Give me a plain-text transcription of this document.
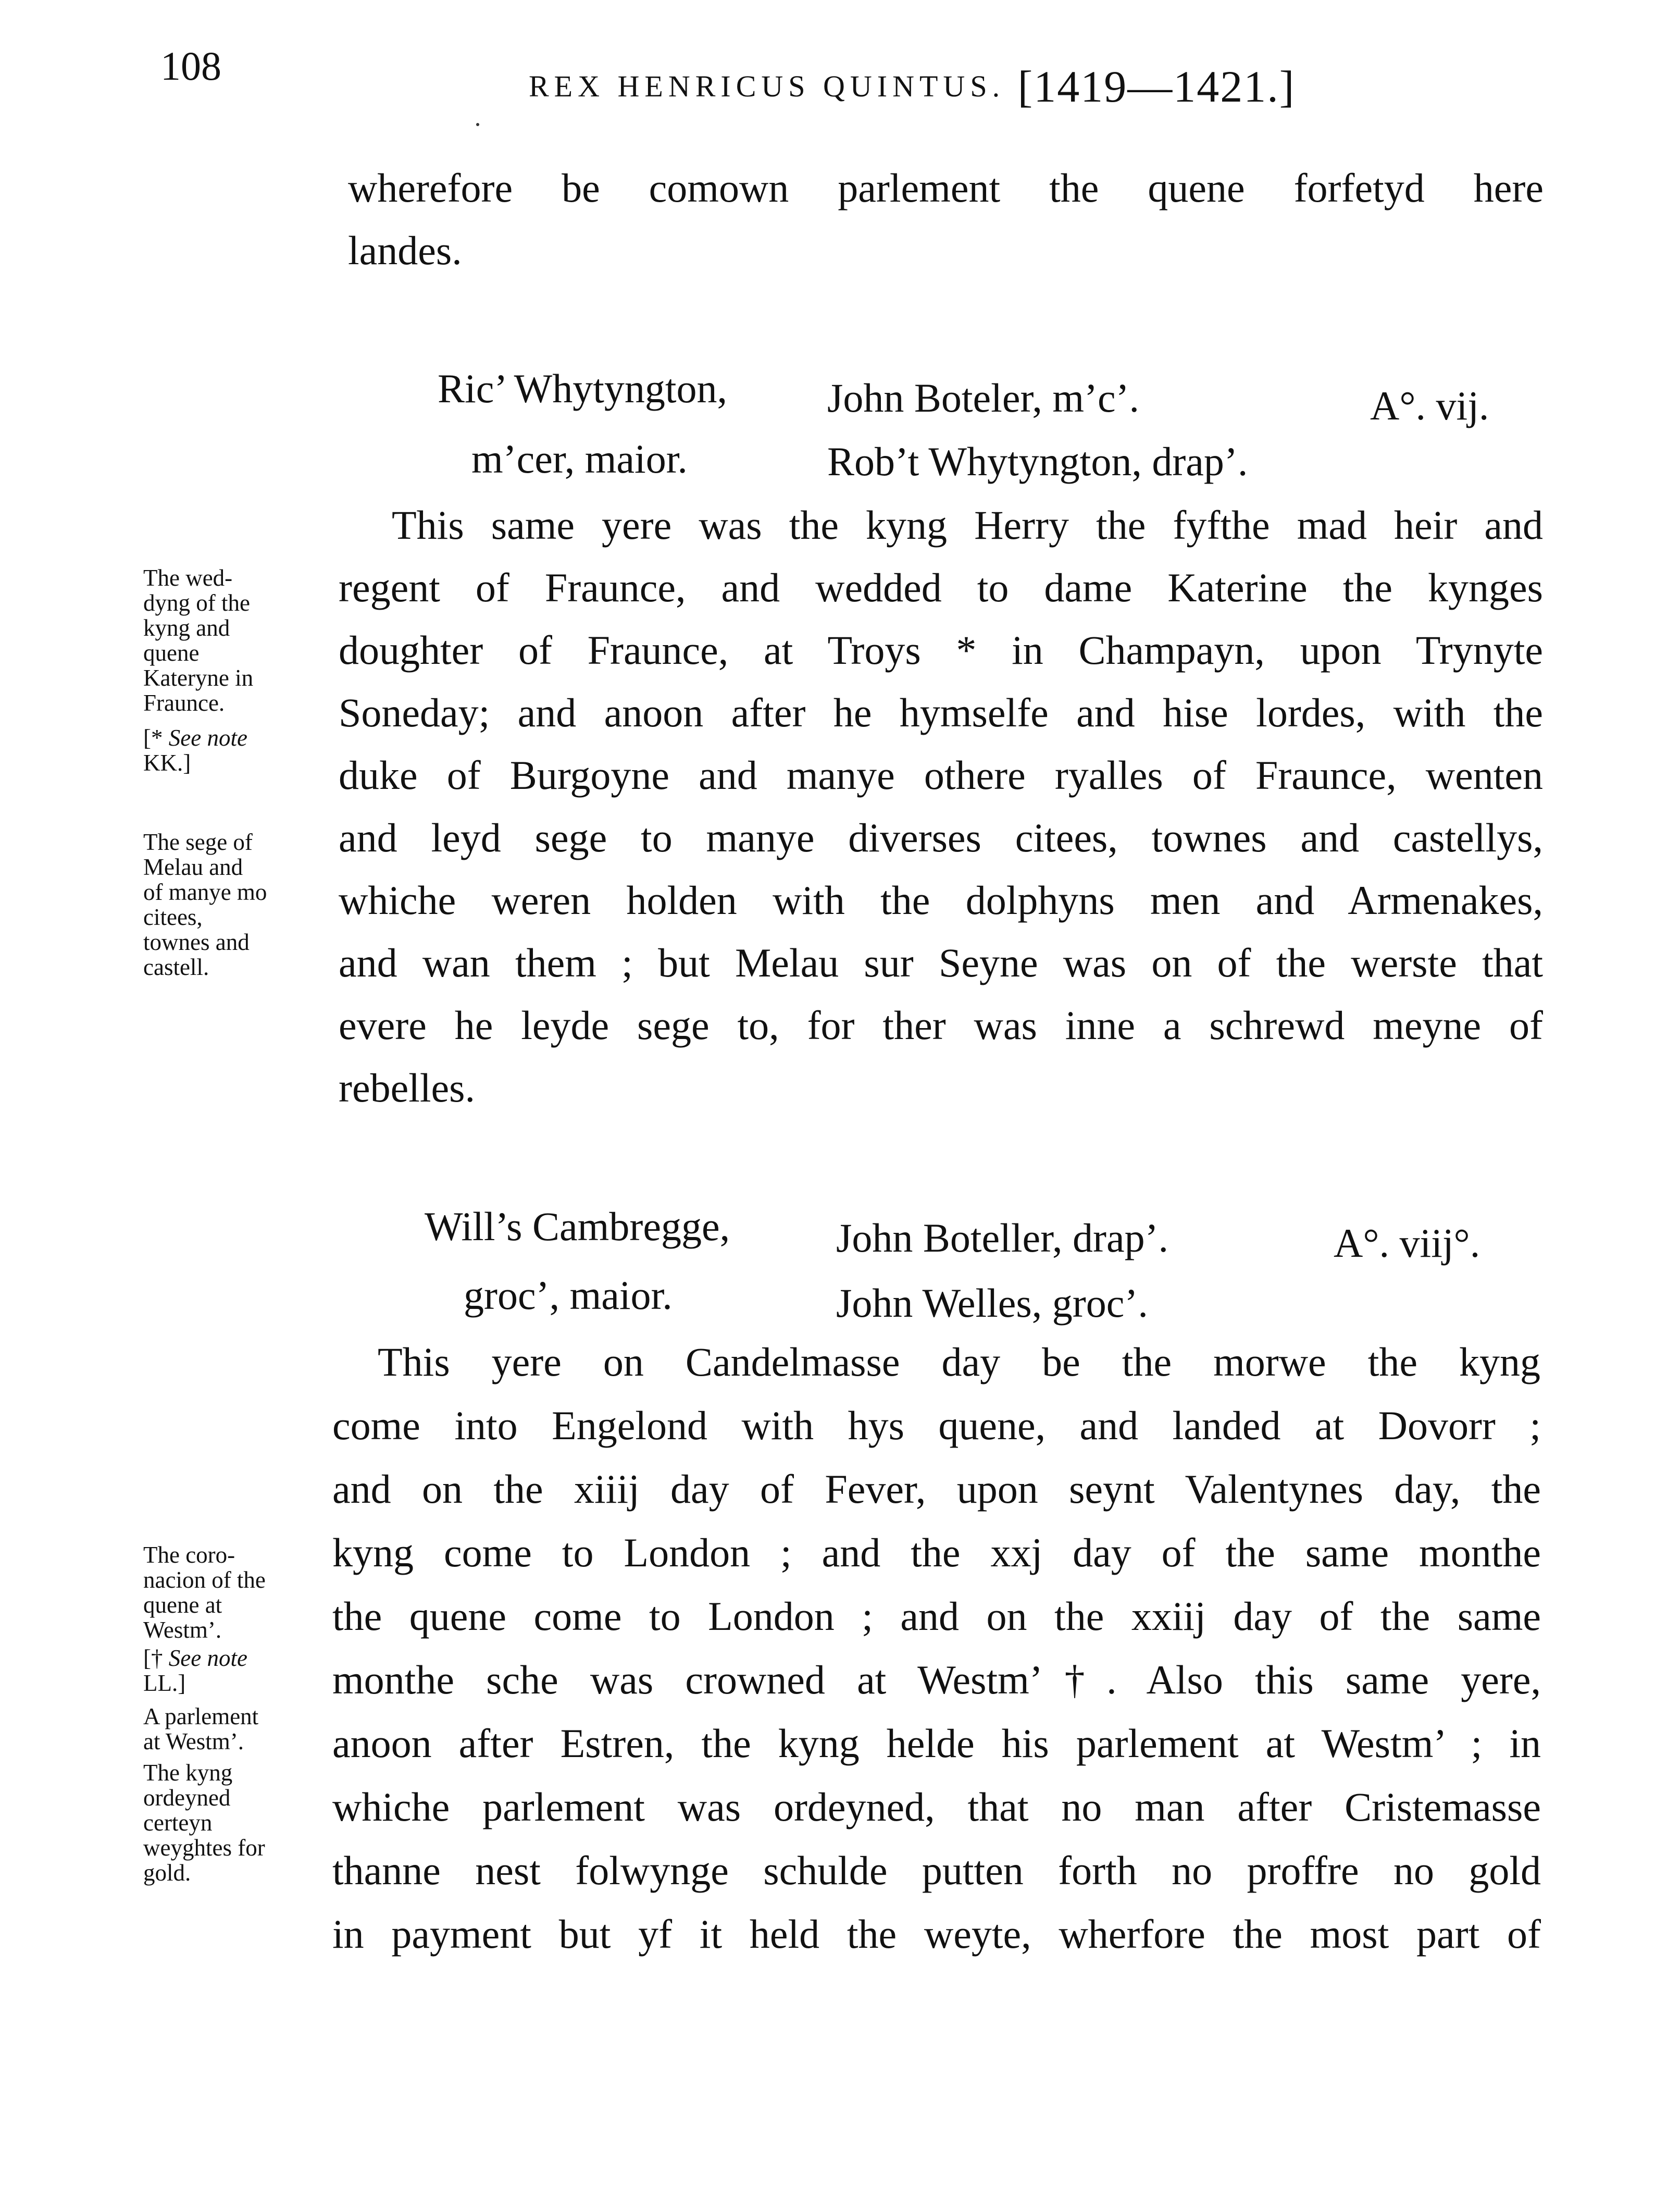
108	REX HENRICUS QUINTUS. [1419—1421.]
wherefore be comown parlement the quene forfetyd here
landes.
Ric’ Whytyngton,
m’cer, maior.
John Boteler, m’c’.
Rob’t Whytyngton, drap’.
A°. vij.
This same yere was the kyng Herry the fyfthe mad heir and
regent of Fraunce, and wedded to dame Katerine the kynges
doughter of Fraunce, at Troys * in Champayn, upon Trynyte
Soneday; and anoon after he hymselfe and hise lordes, with the
duke of Burgoyne and manye othere ryalles of Fraunce, wenten
and leyd sege to manye diverses citees, townes and castellys,
whiche weren holden with the dolphyns men and Armenakes,
and wan them ; but Melau sur Seyne was on of the werste that
evere he leyde sege to, for ther was inne a schrewd meyne of
rebelles.
The wed-
dyng of the
kyng and
quene
Kateryne in
Fraunce.
[* See note
KK.]
The sege of
Melau and
of manye mo
citees,
townes and
castell.
Will’s Cambregge,
groc’, maior.
John Boteller, drap’.
John Welles, groc’.
A°. viij°.
This yere on Candelmasse day be the morwe the kyng
come into Engelond with hys quene, and landed at Dovorr ;
and on the xiiij day of Fever, upon seynt Valentynes day, the
kyng come to London ; and the xxj day of the same monthe
the quene come to London ; and on the xxiij day of the same
monthe sche was crowned at Westm’†. Also this same yere,
anoon after Estren, the kyng helde his parlement at Westm’ ; in
whiche parlement was ordeyned, that no man after Cristemasse
thanne nest folwynge schulde putten forth no proffre no gold
in payment but yf it held the weyte, wherfore the most part of
The coro-
nacion of the
quene at
Westm’.
[† See note
LL.]
A parlement
at Westm’.
The kyng
ordeyned
certeyn
weyghtes for
gold.
